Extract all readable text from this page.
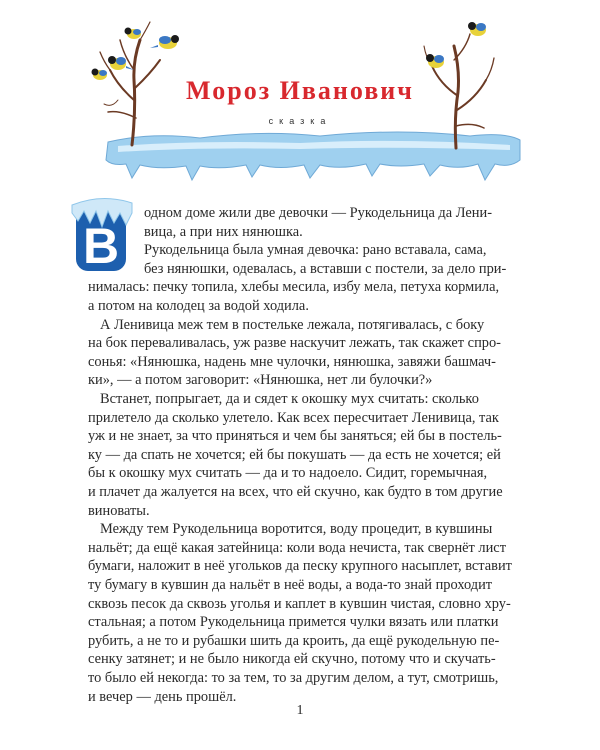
Мороз Иванович
сказка
В
одном доме жили две девочки — Рукодельница да Лени-
вица, а при них нянюшка.
Рукодельница была умная девочка: рано вставала, сама,
без нянюшки, одевалась, а вставши с постели, за дело при-
нималась: печку топила, хлебы месила, избу мела, петуха кормила,
а потом на колодец за водой ходила.
А Ленивица меж тем в постельке лежала, потягивалась, с боку
на бок переваливалась, уж разве наскучит лежать, так скажет спро-
сонья: «Нянюшка, надень мне чулочки, нянюшка, завяжи башмач-
ки», — а потом заговорит: «Нянюшка, нет ли булочки?»
Встанет, попрыгает, да и сядет к окошку мух считать: сколько
прилетело да сколько улетело. Как всех пересчитает Ленивица, так
уж и не знает, за что приняться и чем бы заняться; ей бы в постель-
ку — да спать не хочется; ей бы покушать — да есть не хочется; ей
бы к окошку мух считать — да и то надоело. Сидит, горемычная,
и плачет да жалуется на всех, что ей скучно, как будто в том другие
виноваты.
Между тем Рукодельница воротится, воду процедит, в кувшины
нальёт; да ещё какая затейница: коли вода нечиста, так свернёт лист
бумаги, наложит в неё угольков да песку крупного насыплет, вставит
ту бумагу в кувшин да нальёт в неё воды, а вода-то знай проходит
сквозь песок да сквозь уголья и каплет в кувшин чистая, словно хру-
стальная; а потом Рукодельница примется чулки вязать или платки
рубить, а не то и рубашки шить да кроить, да ещё рукодельную пе-
сенку затянет; и не было никогда ей скучно, потому что и скучать-
то было ей некогда: то за тем, то за другим делом, а тут, смотришь,
и вечер — день прошёл.
1
